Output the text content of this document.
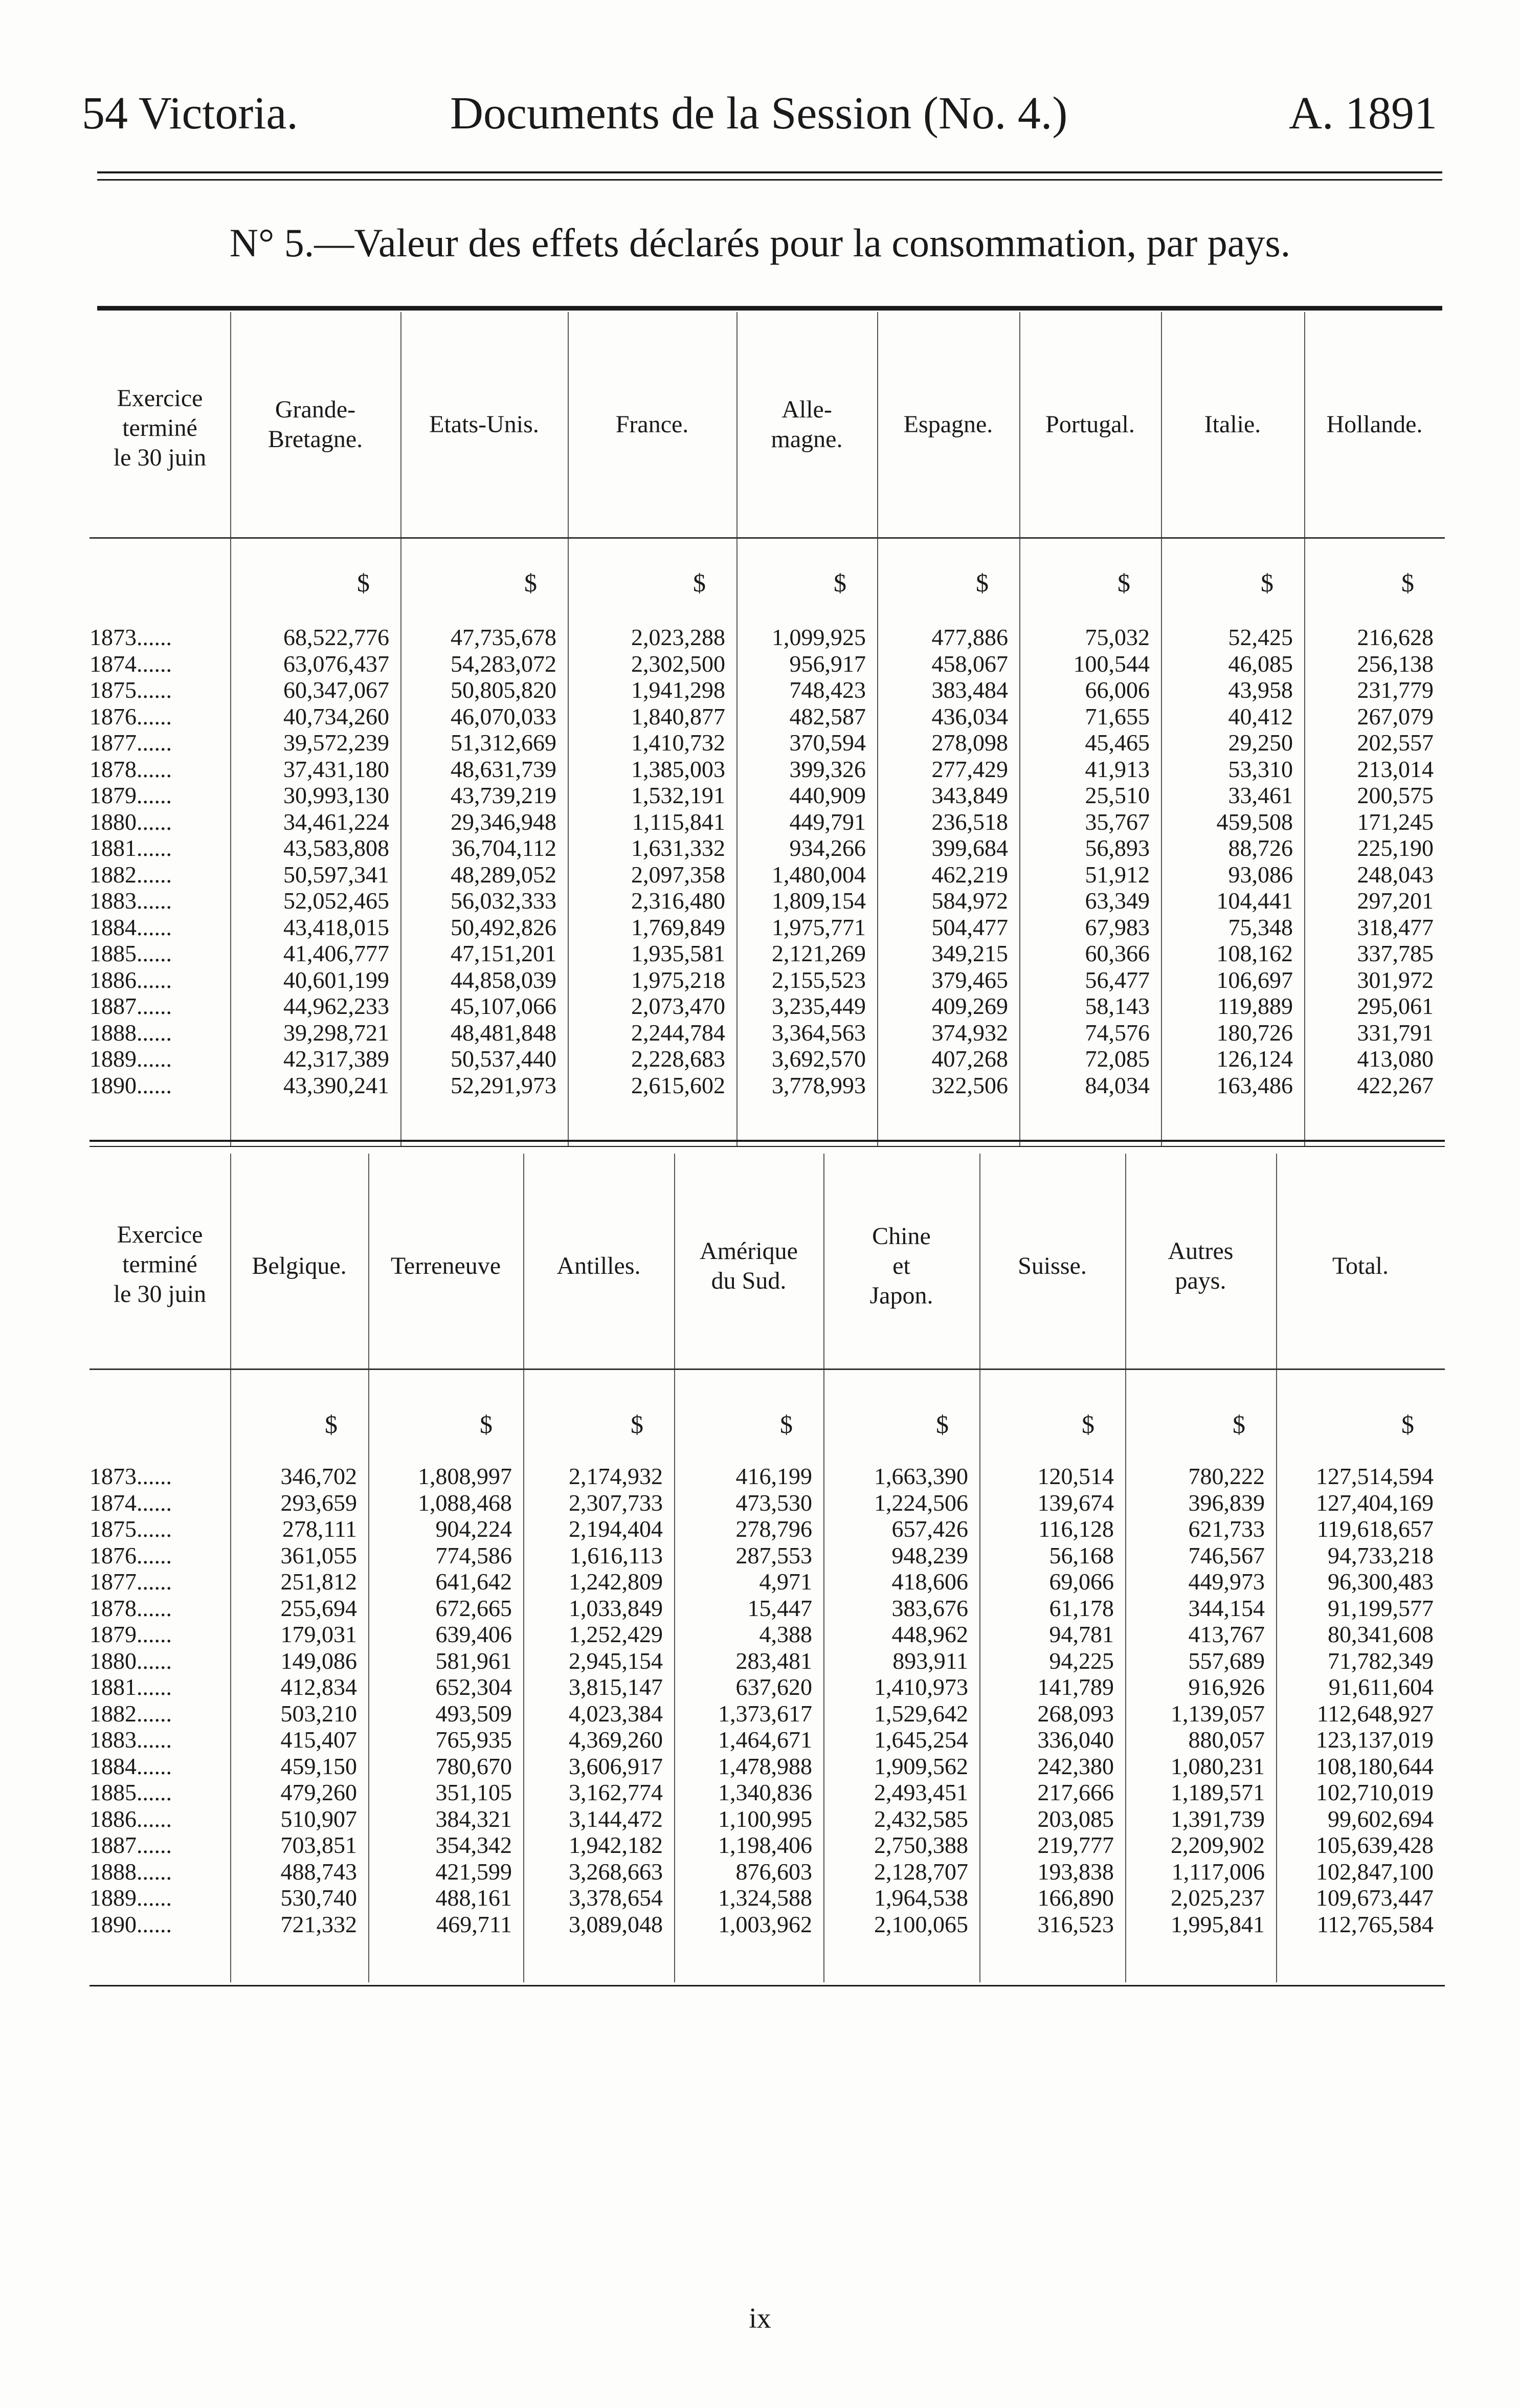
54 Victoria.	Documents de la Session (No. 4.)	A. 1891
N° 5.—Valeur des effets déclarés pour la consommation, par pays.
Exercice
terminé
le 30 juin
1873......
1874......
1875......
1876......
1877......
1878......
1879......
1880......
1881......
1882......
1883......
1884......
1885......
1886......
1887......
1888......
1889......
1890......
Grande-
Bretagne.
$
68,522,776
63,076,437
60,347,067
40,734,260
39,572,239
37,431,180
30,993,130
34,461,224
43,583,808
50,597,341
52,052,465
43,418,015
41,406,777
40,601,199
44,962,233
39,298,721
42,317,389
43,390,241
Etats-Unis.
$
47,735,678
54,283,072
50,805,820
46,070,033
51,312,669
48,631,739
43,739,219
29,346,948
36,704,112
48,289,052
56,032,333
50,492,826
47,151,201
44,858,039
45,107,066
48,481,848
50,537,440
52,291,973
France.
$
2,023,288
2,302,500
1,941,298
1,840,877
1,410,732
1,385,003
1,532,191
1,115,841
1,631,332
2,097,358
2,316,480
1,769,849
1,935,581
1,975,218
2,073,470
2,244,784
2,228,683
2,615,602
Alle-
magne.
$
1,099,925
956,917
748,423
482,587
370,594
399,326
440,909
449,791
934,266
1,480,004
1,809,154
1,975,771
2,121,269
2,155,523
3,235,449
3,364,563
3,692,570
3,778,993
Espagne.
$
477,886
458,067
383,484
436,034
278,098
277,429
343,849
236,518
399,684
462,219
584,972
504,477
349,215
379,465
409,269
374,932
407,268
322,506
Portugal.
$
75,032
100,544
66,006
71,655
45,465
41,913
25,510
35,767
56,893
51,912
63,349
67,983
60,366
56,477
58,143
74,576
72,085
84,034
Italie.
$
52,425
46,085
43,958
40,412
29,250
53,310
33,461
459,508
88,726
93,086
104,441
75,348
108,162
106,697
119,889
180,726
126,124
163,486
Hollande.
$
216,628
256,138
231,779
267,079
202,557
213,014
200,575
171,245
225,190
248,043
297,201
318,477
337,785
301,972
295,061
331,791
413,080
422,267
Exercice
terminé
le 30 juin
1873......
1874......
1875......
1876......
1877......
1878......
1879......
1880......
1881......
1882......
1883......
1884......
1885......
1886......
1887......
1888......
1889......
1890......
Belgique.
$
346,702
293,659
278,111
361,055
251,812
255,694
179,031
149,086
412,834
503,210
415,407
459,150
479,260
510,907
703,851
488,743
530,740
721,332
Terreneuve
$
1,808,997
1,088,468
904,224
774,586
641,642
672,665
639,406
581,961
652,304
493,509
765,935
780,670
351,105
384,321
354,342
421,599
488,161
469,711
Antilles.
$
2,174,932
2,307,733
2,194,404
1,616,113
1,242,809
1,033,849
1,252,429
2,945,154
3,815,147
4,023,384
4,369,260
3,606,917
3,162,774
3,144,472
1,942,182
3,268,663
3,378,654
3,089,048
Amérique
du Sud.
$
416,199
473,530
278,796
287,553
4,971
15,447
4,388
283,481
637,620
1,373,617
1,464,671
1,478,988
1,340,836
1,100,995
1,198,406
876,603
1,324,588
1,003,962
Chine
et
Japon.
$
1,663,390
1,224,506
657,426
948,239
418,606
383,676
448,962
893,911
1,410,973
1,529,642
1,645,254
1,909,562
2,493,451
2,432,585
2,750,388
2,128,707
1,964,538
2,100,065
Suisse.
$
120,514
139,674
116,128
56,168
69,066
61,178
94,781
94,225
141,789
268,093
336,040
242,380
217,666
203,085
219,777
193,838
166,890
316,523
Autres
pays.
$
780,222
396,839
621,733
746,567
449,973
344,154
413,767
557,689
916,926
1,139,057
880,057
1,080,231
1,189,571
1,391,739
2,209,902
1,117,006
2,025,237
1,995,841
Total.
$
127,514,594
127,404,169
119,618,657
94,733,218
96,300,483
91,199,577
80,341,608
71,782,349
91,611,604
112,648,927
123,137,019
108,180,644
102,710,019
99,602,694
105,639,428
102,847,100
109,673,447
112,765,584
ix
